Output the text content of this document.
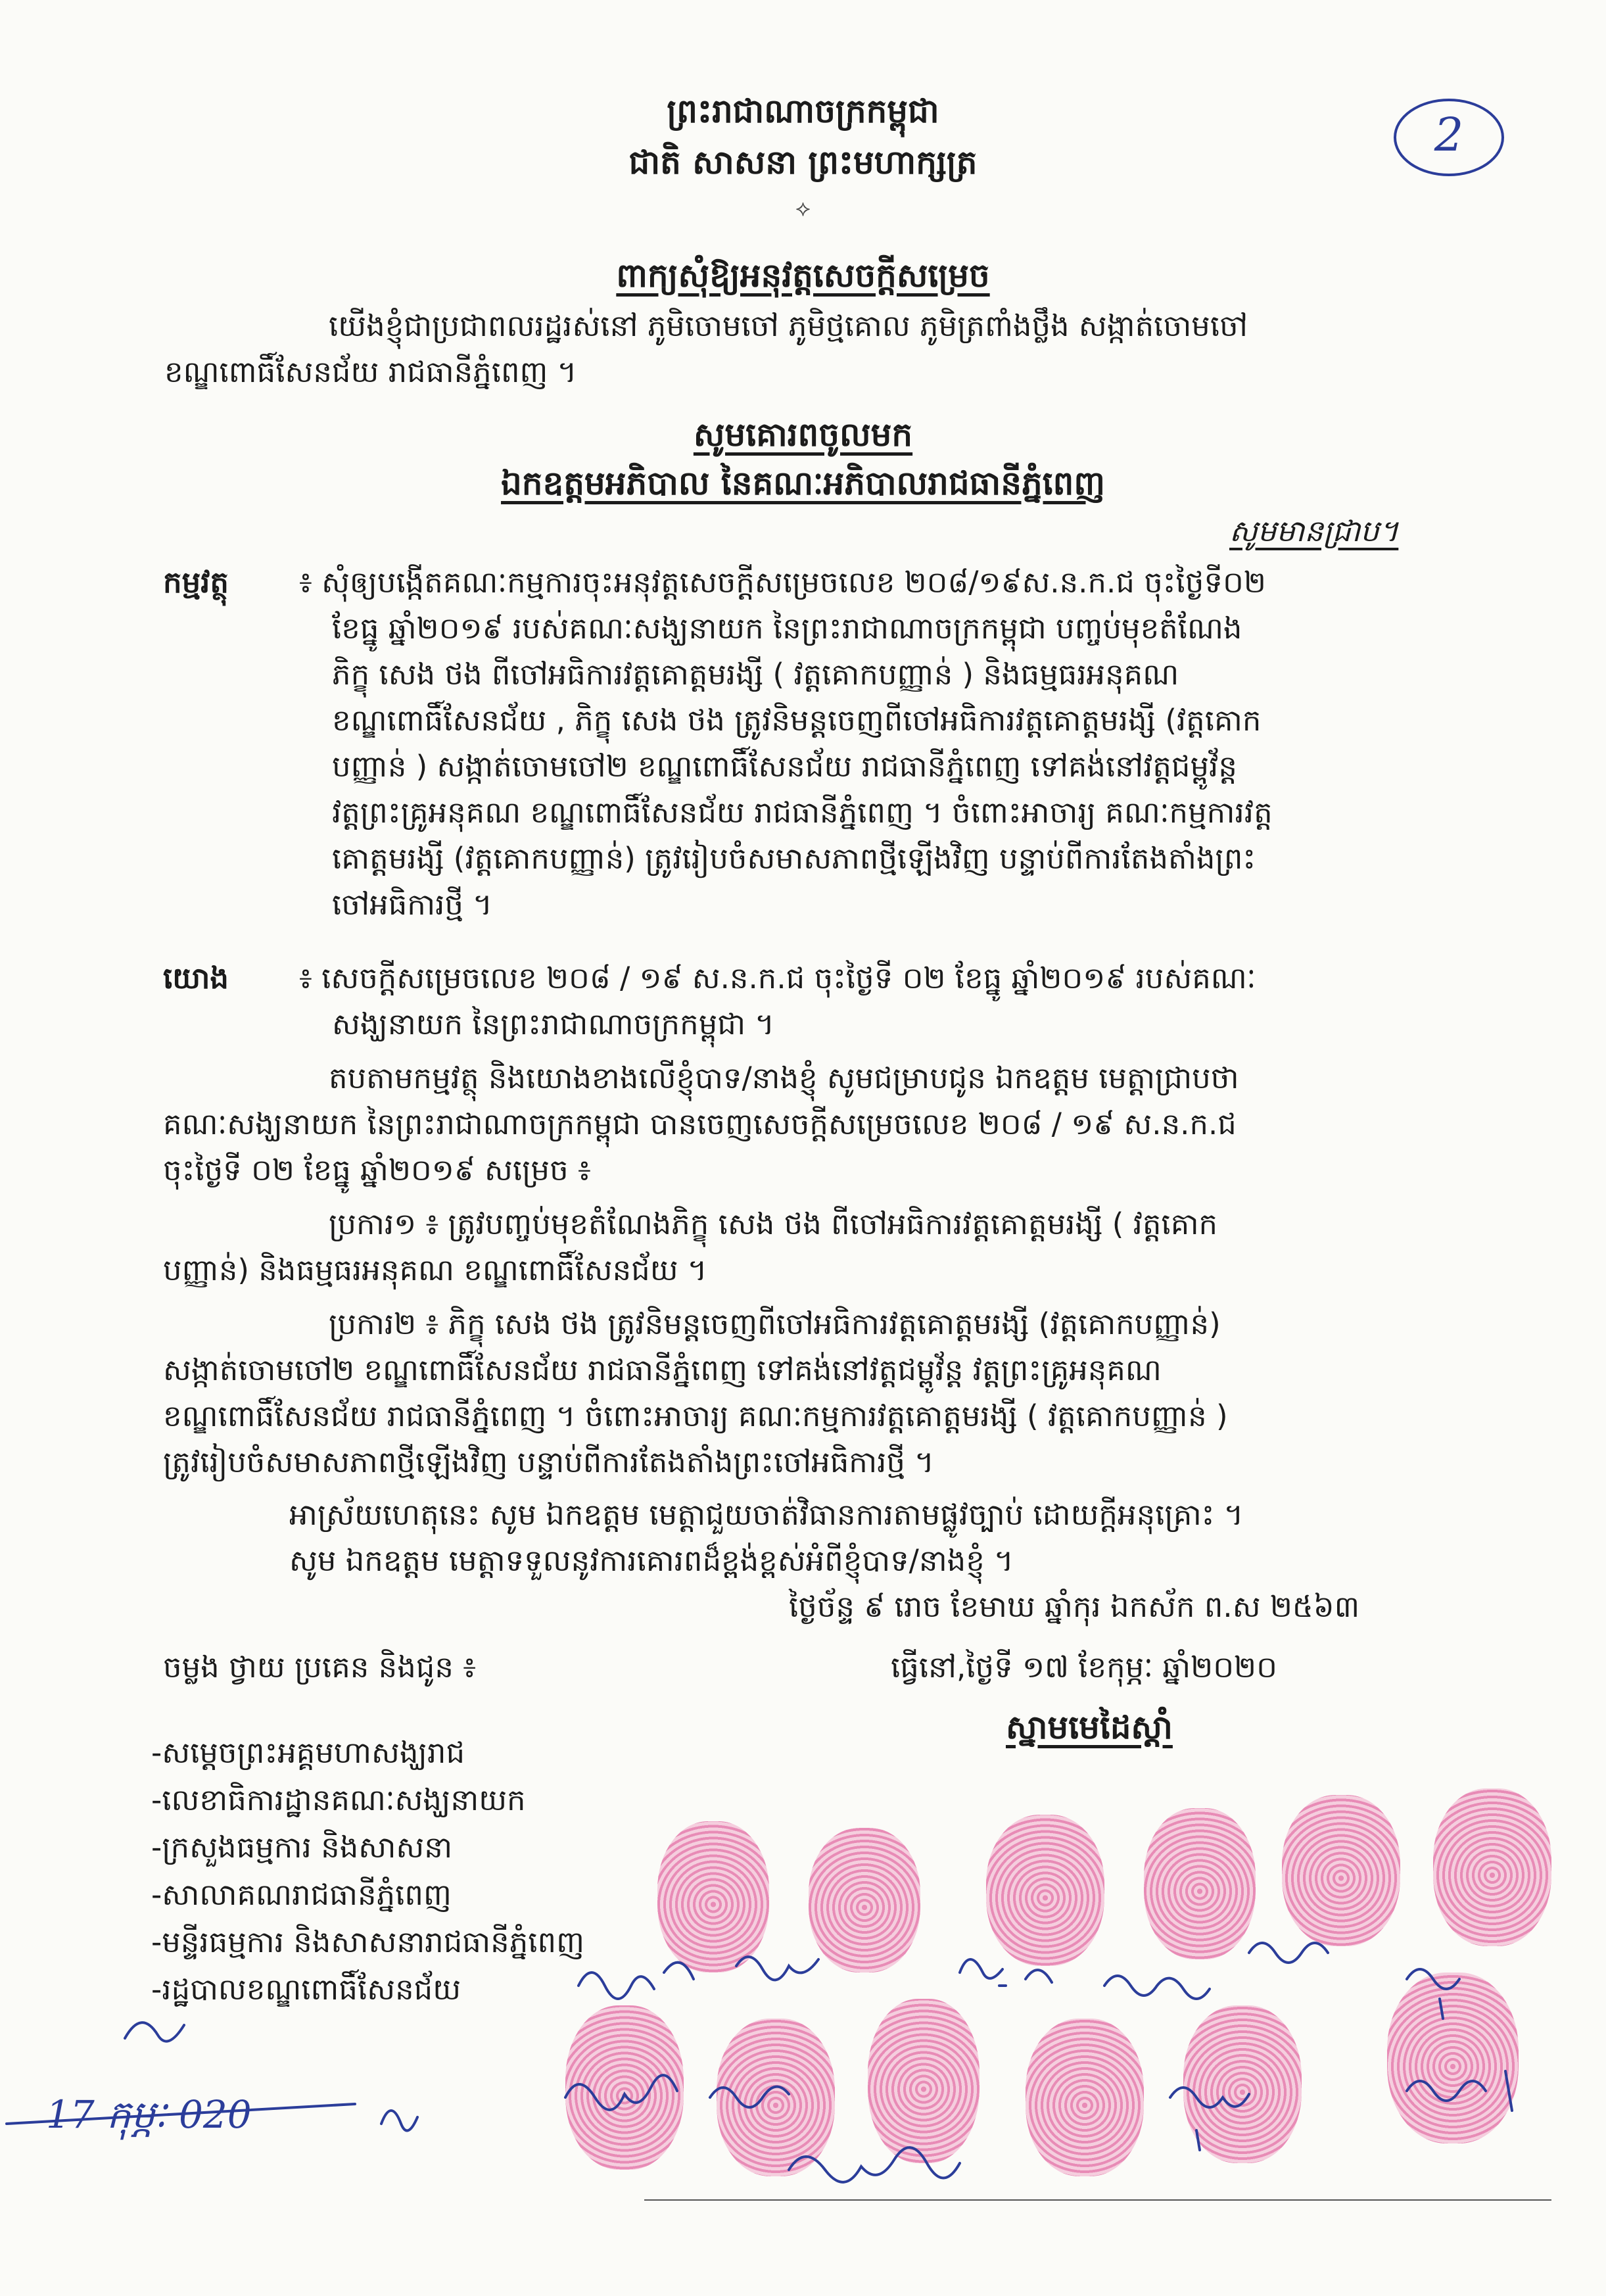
ព្រះរាជាណាចក្រកម្ពុជា
ជាតិ សាសនា ព្រះមហាក្សត្រ
⟡
2
ពាក្យសុំឱ្យអនុវត្តសេចក្តីសម្រេច
យើងខ្ញុំជាប្រជាពលរដ្ឋរស់នៅ ភូមិចោមចៅ ភូមិថ្មគោល ភូមិត្រពាំងថ្លឹង សង្កាត់ចោមចៅ
ខណ្ឌពោធិ៍សែនជ័យ រាជធានីភ្នំពេញ ។
សូមគោរពចូលមក
ឯកឧត្តមអភិបាល នៃគណៈអភិបាលរាជធានីភ្នំពេញ
សូមមានជ្រាប។
កម្មវត្ថុ ៖ សុំឲ្យបង្កើតគណៈកម្មការចុះអនុវត្តសេចក្តីសម្រេចលេខ ២០៨/១៩ស.ន.ក.ជ ចុះថ្ងៃទី០២
ខែធ្នូ ឆ្នាំ២០១៩ របស់គណៈសង្ឃនាយក នៃព្រះរាជាណាចក្រកម្ពុជា បញ្ចប់មុខតំណែង
ភិក្ខុ សេង ថង ពីចៅអធិការវត្តគោត្តមរង្សី ( វត្តគោកបញ្ញាន់ ) និងធម្មធរអនុគណ
ខណ្ឌពោធិ៍សែនជ័យ , ភិក្ខុ សេង ថង ត្រូវនិមន្តចេញពីចៅអធិការវត្តគោត្តមរង្សី (វត្តគោក
បញ្ញាន់ ) សង្កាត់ចោមចៅ២ ខណ្ឌពោធិ៍សែនជ័យ រាជធានីភ្នំពេញ ទៅគង់នៅវត្តជម្ពូវ័ន្ត
វត្តព្រះគ្រូអនុគណ ខណ្ឌពោធិ៍សែនជ័យ រាជធានីភ្នំពេញ ។ ចំពោះអាចារ្យ គណៈកម្មការវត្ត
គោត្តមរង្សី (វត្តគោកបញ្ញាន់) ត្រូវរៀបចំសមាសភាពថ្មីឡើងវិញ បន្ទាប់ពីការតែងតាំងព្រះ
ចៅអធិការថ្មី ។
យោង ៖ សេចក្តីសម្រេចលេខ ២០៨ / ១៩ ស.ន.ក.ជ ចុះថ្ងៃទី ០២ ខែធ្នូ ឆ្នាំ២០១៩ របស់គណៈ
សង្ឃនាយក នៃព្រះរាជាណាចក្រកម្ពុជា ។
តបតាមកម្មវត្ថុ និងយោងខាងលើខ្ញុំបាទ/នាងខ្ញុំ សូមជម្រាបជូន ឯកឧត្តម មេត្តាជ្រាបថា
គណៈសង្ឃនាយក នៃព្រះរាជាណាចក្រកម្ពុជា បានចេញសេចក្តីសម្រេចលេខ ២០៨ / ១៩ ស.ន.ក.ជ
ចុះថ្ងៃទី ០២ ខែធ្នូ ឆ្នាំ២០១៩ សម្រេច ៖
ប្រការ១ ៖ ត្រូវបញ្ចប់មុខតំណែងភិក្ខុ សេង ថង ពីចៅអធិការវត្តគោត្តមរង្សី ( វត្តគោក
បញ្ញាន់) និងធម្មធរអនុគណ ខណ្ឌពោធិ៍សែនជ័យ ។
ប្រការ២ ៖ ភិក្ខុ សេង ថង ត្រូវនិមន្តចេញពីចៅអធិការវត្តគោត្តមរង្សី (វត្តគោកបញ្ញាន់)
សង្កាត់ចោមចៅ២ ខណ្ឌពោធិ៍សែនជ័យ រាជធានីភ្នំពេញ ទៅគង់នៅវត្តជម្ពូវ័ន្ត វត្តព្រះគ្រូអនុគណ
ខណ្ឌពោធិ៍សែនជ័យ រាជធានីភ្នំពេញ ។ ចំពោះអាចារ្យ គណៈកម្មការវត្តគោត្តមរង្សី ( វត្តគោកបញ្ញាន់ )
ត្រូវរៀបចំសមាសភាពថ្មីឡើងវិញ បន្ទាប់ពីការតែងតាំងព្រះចៅអធិការថ្មី ។
អាស្រ័យហេតុនេះ សូម ឯកឧត្តម មេត្តាជួយចាត់វិធានការតាមផ្លូវច្បាប់ ដោយក្តីអនុគ្រោះ ។
សូម ឯកឧត្តម មេត្តាទទួលនូវការគោរពដ៏ខ្ពង់ខ្ពស់អំពីខ្ញុំបាទ/នាងខ្ញុំ ។
ថ្ងៃច័ន្ទ ៩ រោច ខែមាឃ ឆ្នាំកុរ ឯកស័ក ព.ស ២៥៦៣
ចម្លង ថ្វាយ ប្រគេន និងជូន ៖	ធ្វើនៅ,ថ្ងៃទី ១៧ ខែកុម្ភៈ ឆ្នាំ២០២០
ស្នាមមេដៃស្តាំ
-សម្តេចព្រះអគ្គមហាសង្ឃរាជ
-លេខាធិការដ្ឋានគណៈសង្ឃនាយក
-ក្រសួងធម្មការ និងសាសនា
-សាលាគណរាជធានីភ្នំពេញ
-មន្ទីរធម្មការ និងសាសនារាជធានីភ្នំពេញ
-រដ្ឋបាលខណ្ឌពោធិ៍សែនជ័យ
17 កុម្ភៈ 020
